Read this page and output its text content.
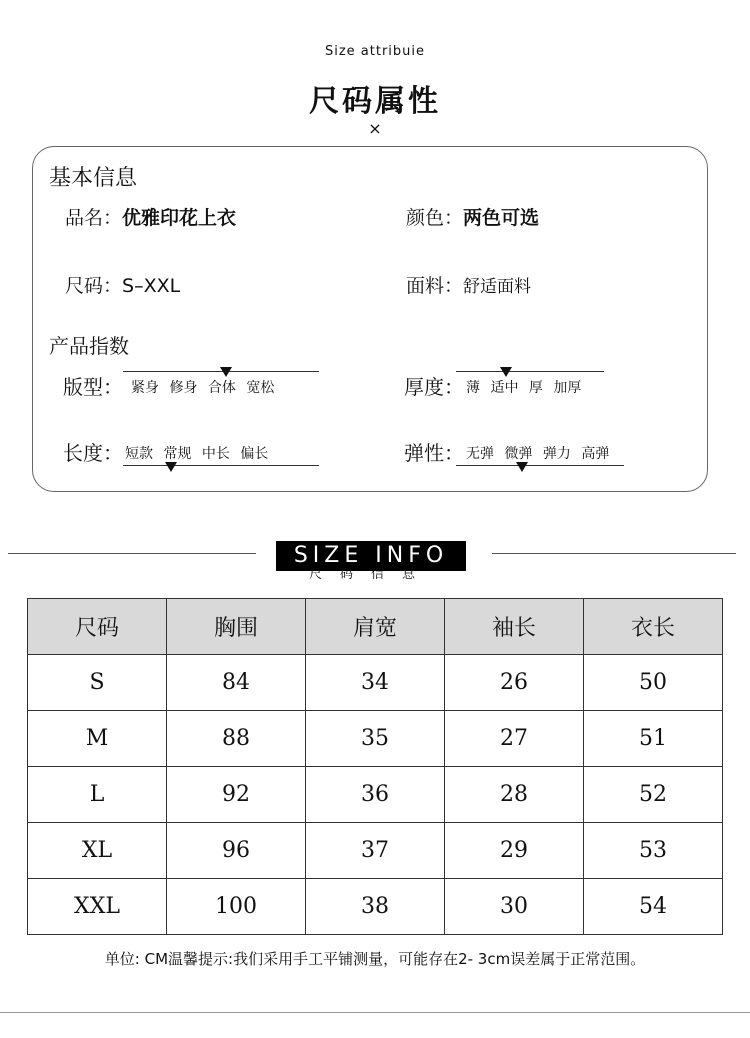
Size attribuie
尺码属性
×
基本信息
品名：优雅印花上衣	颜色：两色可选
尺码：S–XXL	面料：舒适面料
产品指数
版型： 紧身 修身 合体 宽松	厚度： 薄 适中 厚 加厚
长度： 短款 常规 中长 偏长	弹性： 无弹 微弹 弹力 高弹
SIZE INFO
尺码信息
尺码	胸围	肩宽	袖长	衣长
S	84	34	26	50
M	88	35	27	51
L	92	36	28	52
XL	96	37	29	53
XXL	100	38	30	54
单位: CM温馨提示:我们采用手工平铺测量，可能存在2- 3cm误差属于正常范围。
